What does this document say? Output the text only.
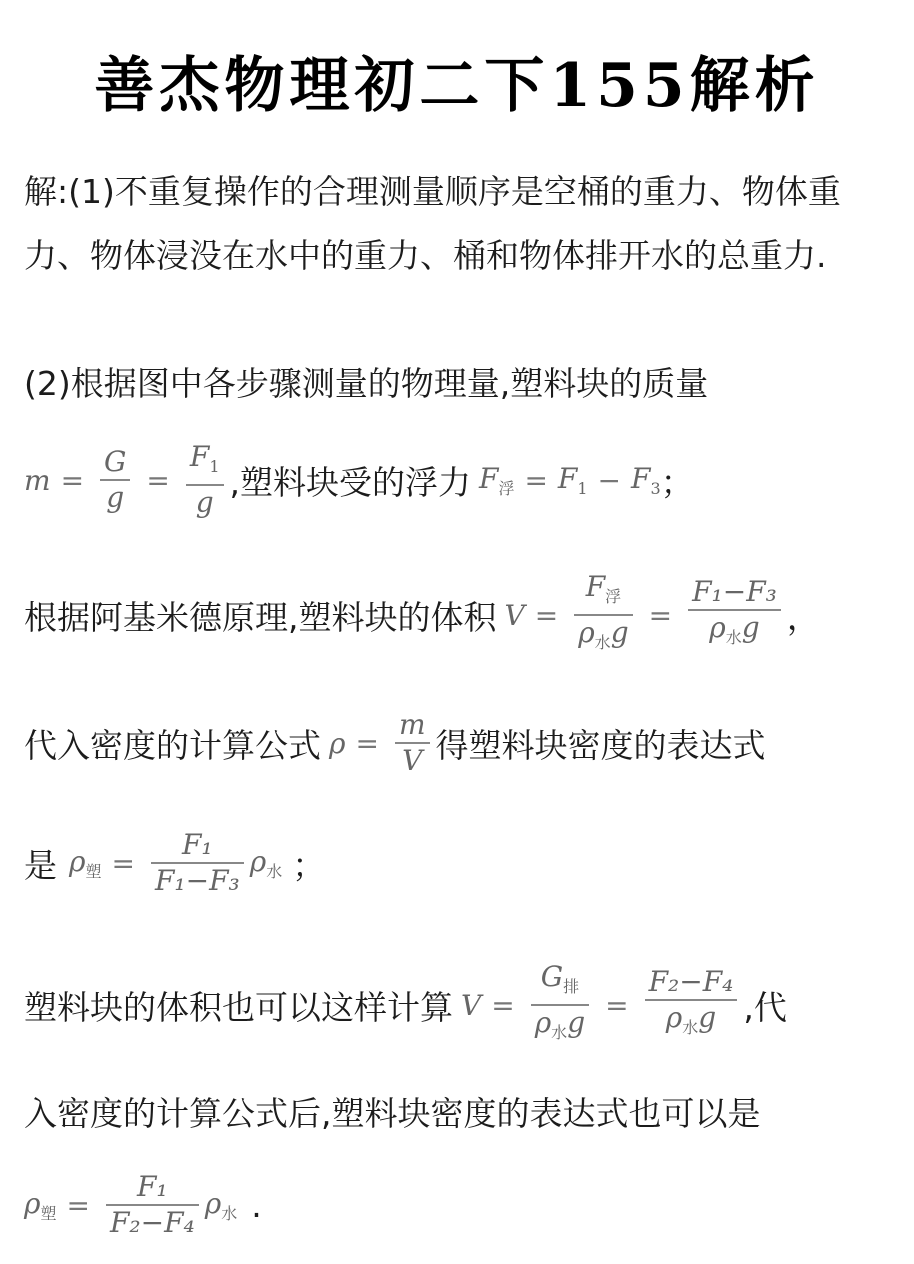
善杰物理初二下155解析
解:(1)不重复操作的合理测量顺序是空桶的重力、物体重力、物体浸没在水中的重力、桶和物体排开水的总重力.
(2)根据图中各步骤测量的物理量,塑料块的质量
$m = \frac{G}{g} = \frac{F_1}{g}$ ,塑料块受的浮力 $F_浮 = F_1 - F_3$ ；
根据阿基米德原理,塑料块的体积 $V = \frac{F_浮}{\rho_水g} = \frac{\text{F₁−F₃}}{\rho_水g}$ ，
代入密度的计算公式 $\rho = \frac{m}{V}$ 得塑料块密度的表达式
是 $\rho_塑 = \frac{\text{F₁}}{\text{F₁−F₃}} \rho_水$ ；
塑料块的体积也可以这样计算 $V = \frac{G_排}{\rho_水g} = \frac{\text{F₂−F₄}}{\rho_水g}$ ,代
入密度的计算公式后,塑料块密度的表达式也可以是
$\rho_塑 = \frac{\text{F₁}}{\text{F₂−F₄}} \rho_水$ .
